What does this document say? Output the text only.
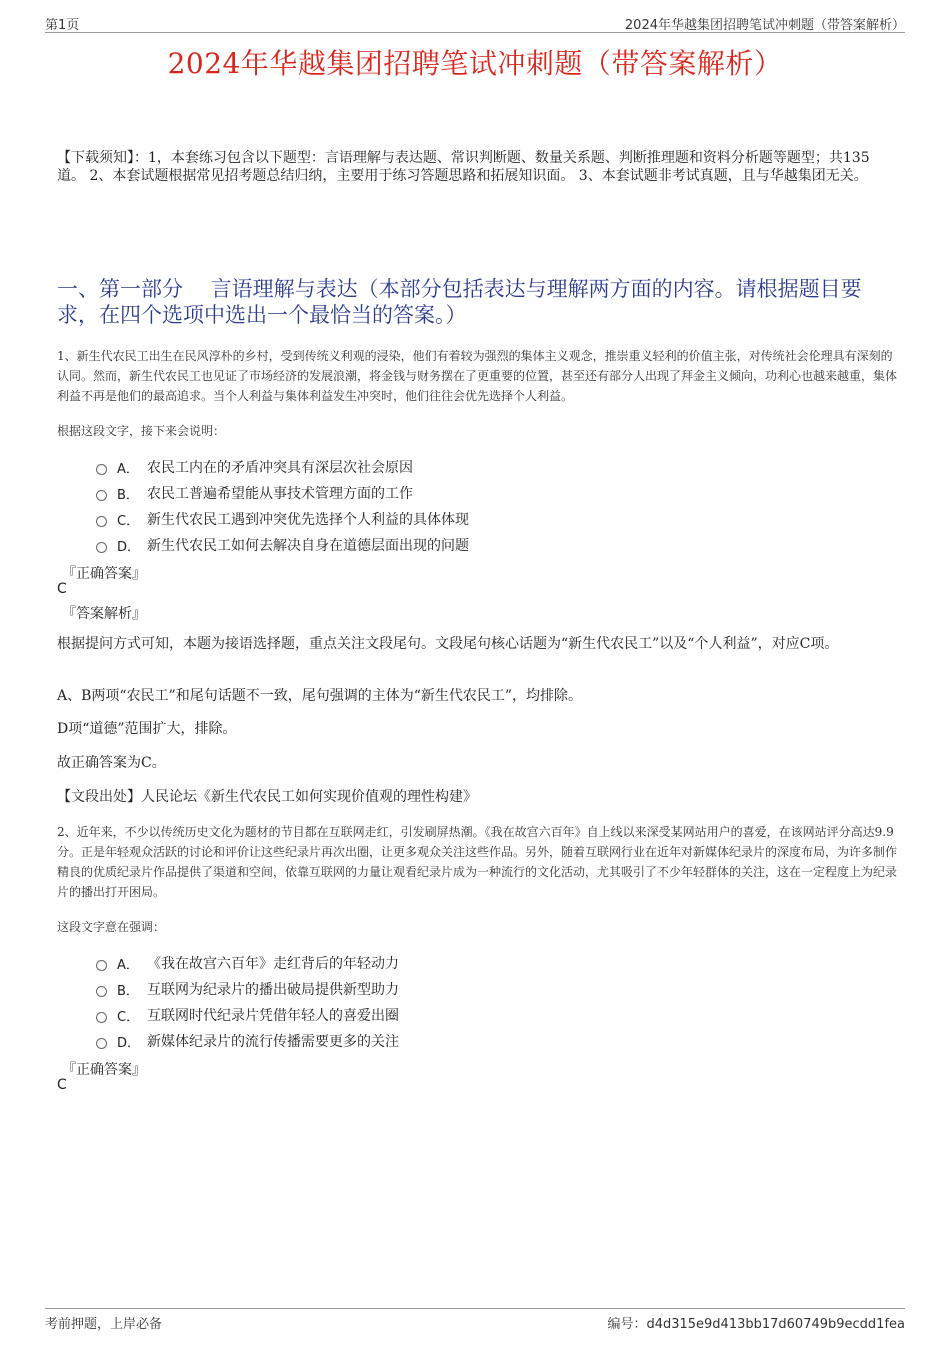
第1页	2024年华越集团招聘笔试冲刺题（带答案解析）
2024年华越集团招聘笔试冲刺题（带答案解析）
【下载须知】：1，本套练习包含以下题型：言语理解与表达题、常识判断题、数量关系题、判断推理题和资料分析题等题型；共135道。 2、本套试题根据常见招考题总结归纳，主要用于练习答题思路和拓展知识面。 3、本套试题非考试真题，且与华越集团无关。
一、第一部分　 言语理解与表达（本部分包括表达与理解两方面的内容。请根据题目要求，在四个选项中选出一个最恰当的答案。）
1、新生代农民工出生在民风淳朴的乡村，受到传统义利观的浸染，他们有着较为强烈的集体主义观念，推崇重义轻利的价值主张，对传统社会伦理具有深刻的认同。然而，新生代农民工也见证了市场经济的发展浪潮，将金钱与财务摆在了更重要的位置，甚至还有部分人出现了拜金主义倾向，功利心也越来越重，集体利益不再是他们的最高追求。当个人利益与集体利益发生冲突时，他们往往会优先选择个人利益。
根据这段文字，接下来会说明：
A． 农民工内在的矛盾冲突具有深层次社会原因
B． 农民工普遍希望能从事技术管理方面的工作
C． 新生代农民工遇到冲突优先选择个人利益的具体体现
D． 新生代农民工如何去解决自身在道德层面出现的问题
『正确答案』
C
『答案解析』
根据提问方式可知，本题为接语选择题，重点关注文段尾句。文段尾句核心话题为“新生代农民工”以及“个人利益”，对应C项。
A、B两项“农民工”和尾句话题不一致，尾句强调的主体为“新生代农民工”，均排除。
D项“道德”范围扩大，排除。
故正确答案为C。
【文段出处】人民论坛《新生代农民工如何实现价值观的理性构建》
2、近年来，不少以传统历史文化为题材的节目都在互联网走红，引发刷屏热潮。《我在故宫六百年》自上线以来深受某网站用户的喜爱，在该网站评分高达9.9分。正是年轻观众活跃的讨论和评价让这些纪录片再次出圈，让更多观众关注这些作品。另外，随着互联网行业在近年对新媒体纪录片的深度布局，为许多制作精良的优质纪录片作品提供了渠道和空间，依靠互联网的力量让观看纪录片成为一种流行的文化活动，尤其吸引了不少年轻群体的关注，这在一定程度上为纪录片的播出打开困局。
这段文字意在强调：
A． 《我在故宫六百年》走红背后的年轻动力
B． 互联网为纪录片的播出破局提供新型助力
C． 互联网时代纪录片凭借年轻人的喜爱出圈
D． 新媒体纪录片的流行传播需要更多的关注
『正确答案』
C
考前押题，上岸必备	编号：d4d315e9d413bb17d60749b9ecdd1fea
